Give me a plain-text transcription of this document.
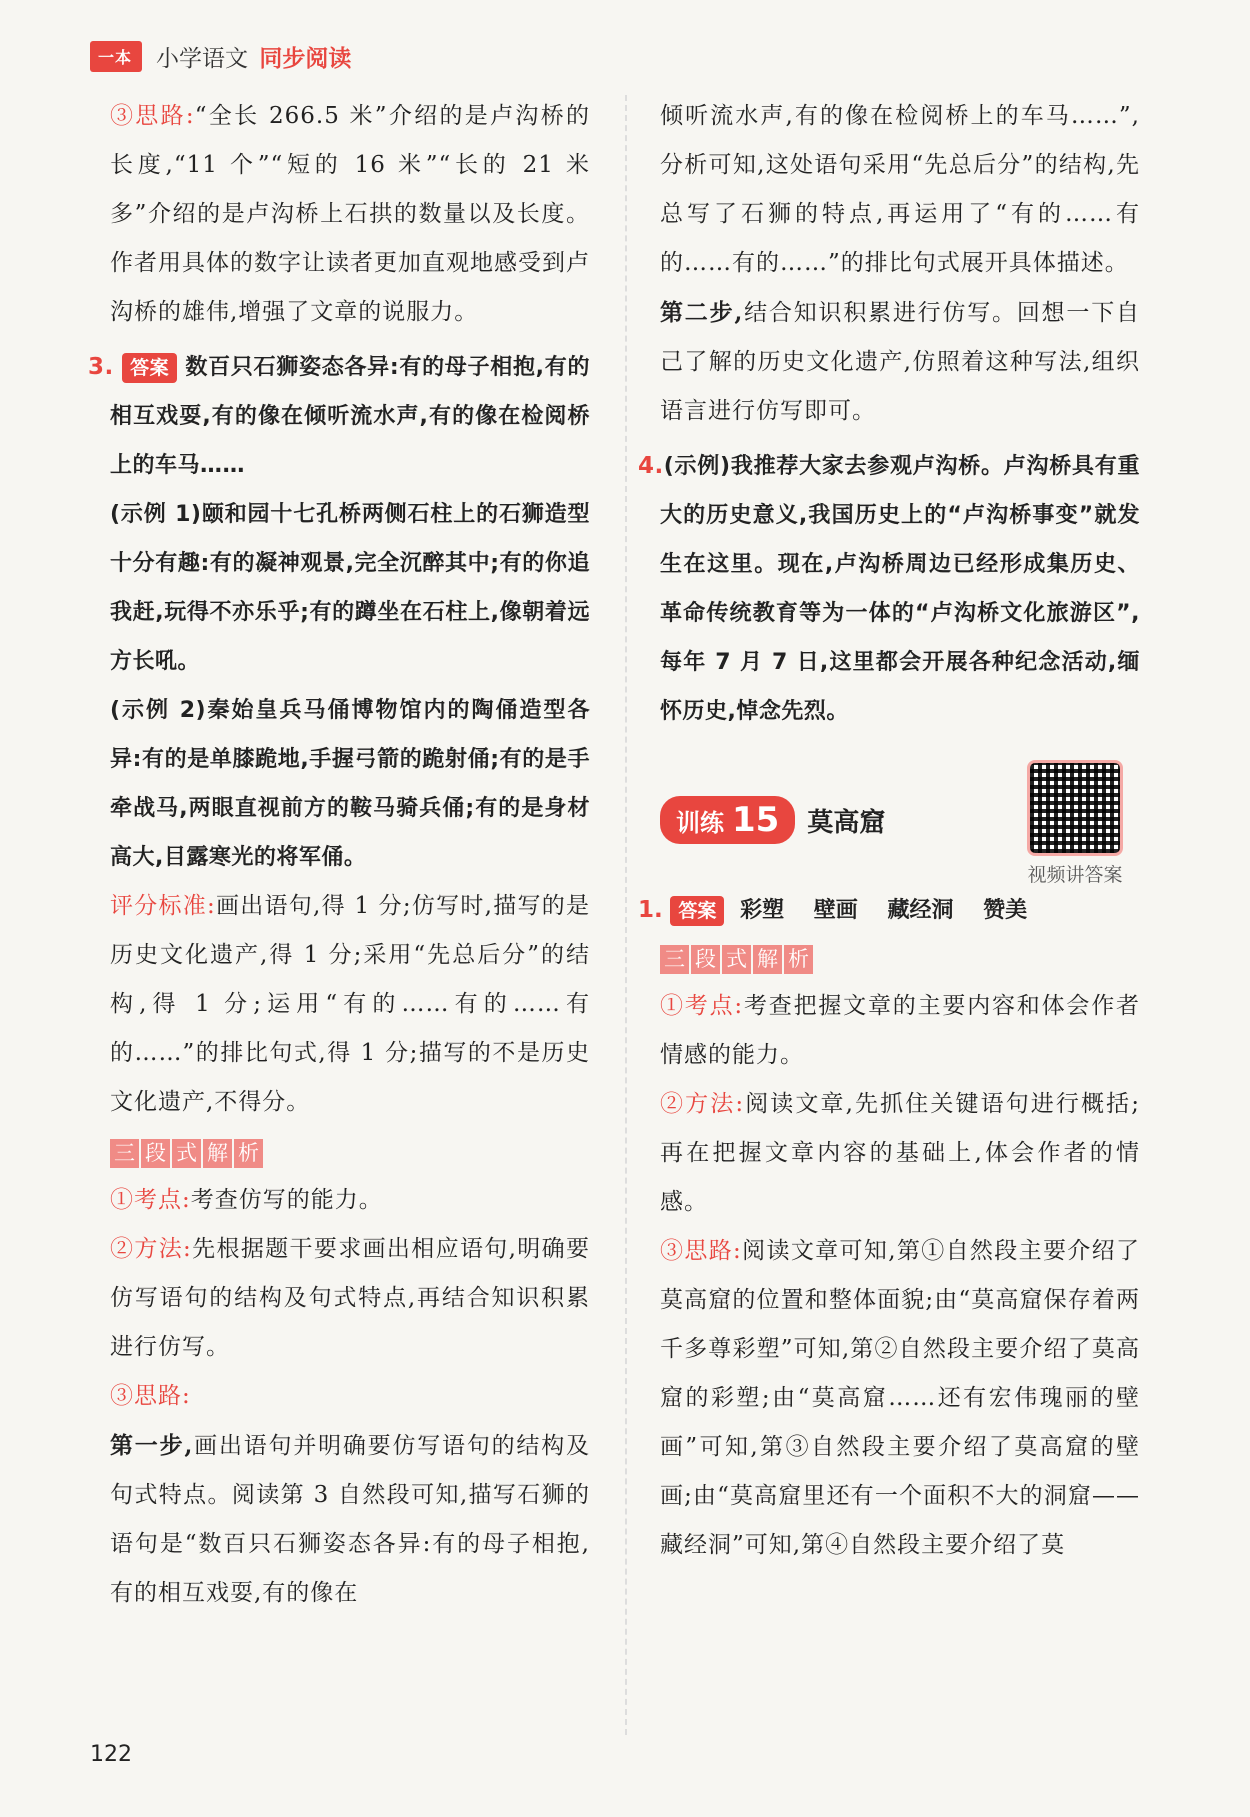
一本	小学语文 同步阅读

③思路:“全长 266.5 米”介绍的是卢沟桥的长度,“11 个”“短的 16 米”“长的 21 米多”介绍的是卢沟桥上石拱的数量以及长度。作者用具体的数字让读者更加直观地感受到卢沟桥的雄伟,增强了文章的说服力。

3. 答案 数百只石狮姿态各异:有的母子相抱,有的相互戏耍,有的像在倾听流水声,有的像在检阅桥上的车马……

(示例 1)颐和园十七孔桥两侧石柱上的石狮造型十分有趣:有的凝神观景,完全沉醉其中;有的你追我赶,玩得不亦乐乎;有的蹲坐在石柱上,像朝着远方长吼。

(示例 2)秦始皇兵马俑博物馆内的陶俑造型各异:有的是单膝跪地,手握弓箭的跪射俑;有的是手牵战马,两眼直视前方的鞍马骑兵俑;有的是身材高大,目露寒光的将军俑。

评分标准:画出语句,得 1 分;仿写时,描写的是历史文化遗产,得 1 分;采用“先总后分”的结构,得 1 分;运用“有的……有的……有的……”的排比句式,得 1 分;描写的不是历史文化遗产,不得分。

三 段 式 解 析

①考点:考查仿写的能力。

②方法:先根据题干要求画出相应语句,明确要仿写语句的结构及句式特点,再结合知识积累进行仿写。

③思路:

第一步,画出语句并明确要仿写语句的结构及句式特点。阅读第 3 自然段可知,描写石狮的语句是“数百只石狮姿态各异:有的母子相抱,有的相互戏耍,有的像在

倾听流水声,有的像在检阅桥上的车马……”,分析可知,这处语句采用“先总后分”的结构,先总写了石狮的特点,再运用了“有的……有的……有的……”的排比句式展开具体描述。

第二步,结合知识积累进行仿写。回想一下自己了解的历史文化遗产,仿照着这种写法,组织语言进行仿写即可。

4.(示例)我推荐大家去参观卢沟桥。卢沟桥具有重大的历史意义,我国历史上的“卢沟桥事变”就发生在这里。现在,卢沟桥周边已经形成集历史、革命传统教育等为一体的“卢沟桥文化旅游区”,每年 7 月 7 日,这里都会开展各种纪念活动,缅怀历史,悼念先烈。

训练 15 莫高窟
视频讲答案
1. 答案 彩塑 壁画 藏经洞 赞美
三 段 式 解 析

①考点:考查把握文章的主要内容和体会作者情感的能力。

②方法:阅读文章,先抓住关键语句进行概括;再在把握文章内容的基础上,体会作者的情感。

③思路:阅读文章可知,第①自然段主要介绍了莫高窟的位置和整体面貌;由“莫高窟保存着两千多尊彩塑”可知,第②自然段主要介绍了莫高窟的彩塑;由“莫高窟……还有宏伟瑰丽的壁画”可知,第③自然段主要介绍了莫高窟的壁画;由“莫高窟里还有一个面积不大的洞窟——藏经洞”可知,第④自然段主要介绍了莫

122
